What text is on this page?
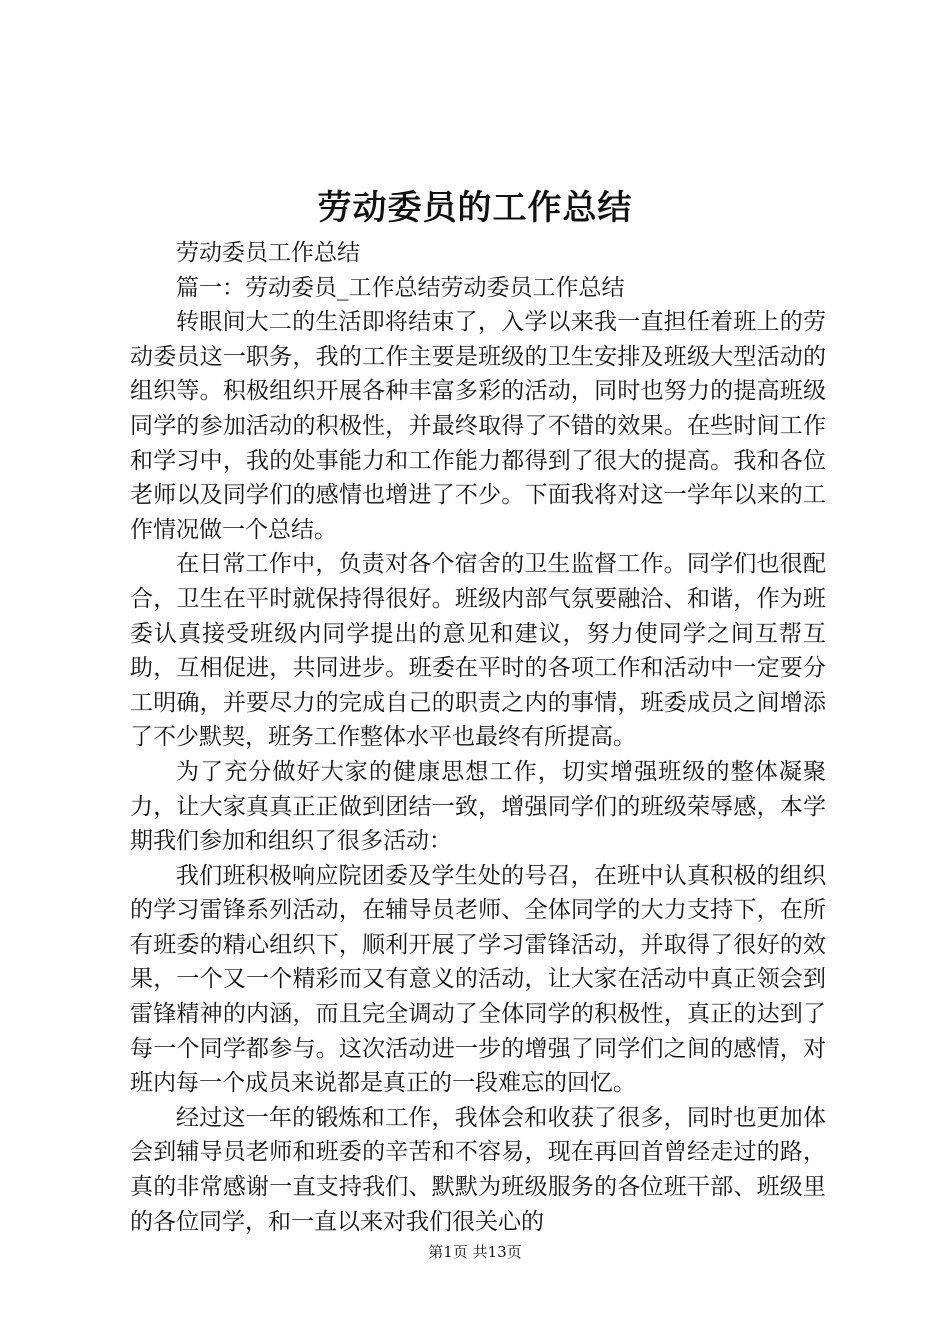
劳动委员的工作总结

劳动委员工作总结

篇一：劳动委员_工作总结劳动委员工作总结

转眼间大二的生活即将结束了，入学以来我一直担任着班上的劳动委员这一职务，我的工作主要是班级的卫生安排及班级大型活动的组织等。积极组织开展各种丰富多彩的活动，同时也努力的提高班级同学的参加活动的积极性，并最终取得了不错的效果。在些时间工作和学习中，我的处事能力和工作能力都得到了很大的提高。我和各位老师以及同学们的感情也增进了不少。下面我将对这一学年以来的工作情况做一个总结。

在日常工作中，负责对各个宿舍的卫生监督工作。同学们也很配合，卫生在平时就保持得很好。班级内部气氛要融洽、和谐，作为班委认真接受班级内同学提出的意见和建议，努力使同学之间互帮互助，互相促进，共同进步。班委在平时的各项工作和活动中一定要分工明确，并要尽力的完成自己的职责之内的事情，班委成员之间增添了不少默契，班务工作整体水平也最终有所提高。

为了充分做好大家的健康思想工作，切实增强班级的整体凝聚力，让大家真真正正做到团结一致，增强同学们的班级荣辱感，本学期我们参加和组织了很多活动：

我们班积极响应院团委及学生处的号召，在班中认真积极的组织的学习雷锋系列活动，在辅导员老师、全体同学的大力支持下，在所有班委的精心组织下，顺利开展了学习雷锋活动，并取得了很好的效果，一个又一个精彩而又有意义的活动，让大家在活动中真正领会到雷锋精神的内涵，而且完全调动了全体同学的积极性，真正的达到了每一个同学都参与。这次活动进一步的增强了同学们之间的感情，对班内每一个成员来说都是真正的一段难忘的回忆。

经过这一年的锻炼和工作，我体会和收获了很多，同时也更加体会到辅导员老师和班委的辛苦和不容易，现在再回首曾经走过的路，真的非常感谢一直支持我们、默默为班级服务的各位班干部、班级里的各位同学，和一直以来对我们很关心的

第1页 共13页
